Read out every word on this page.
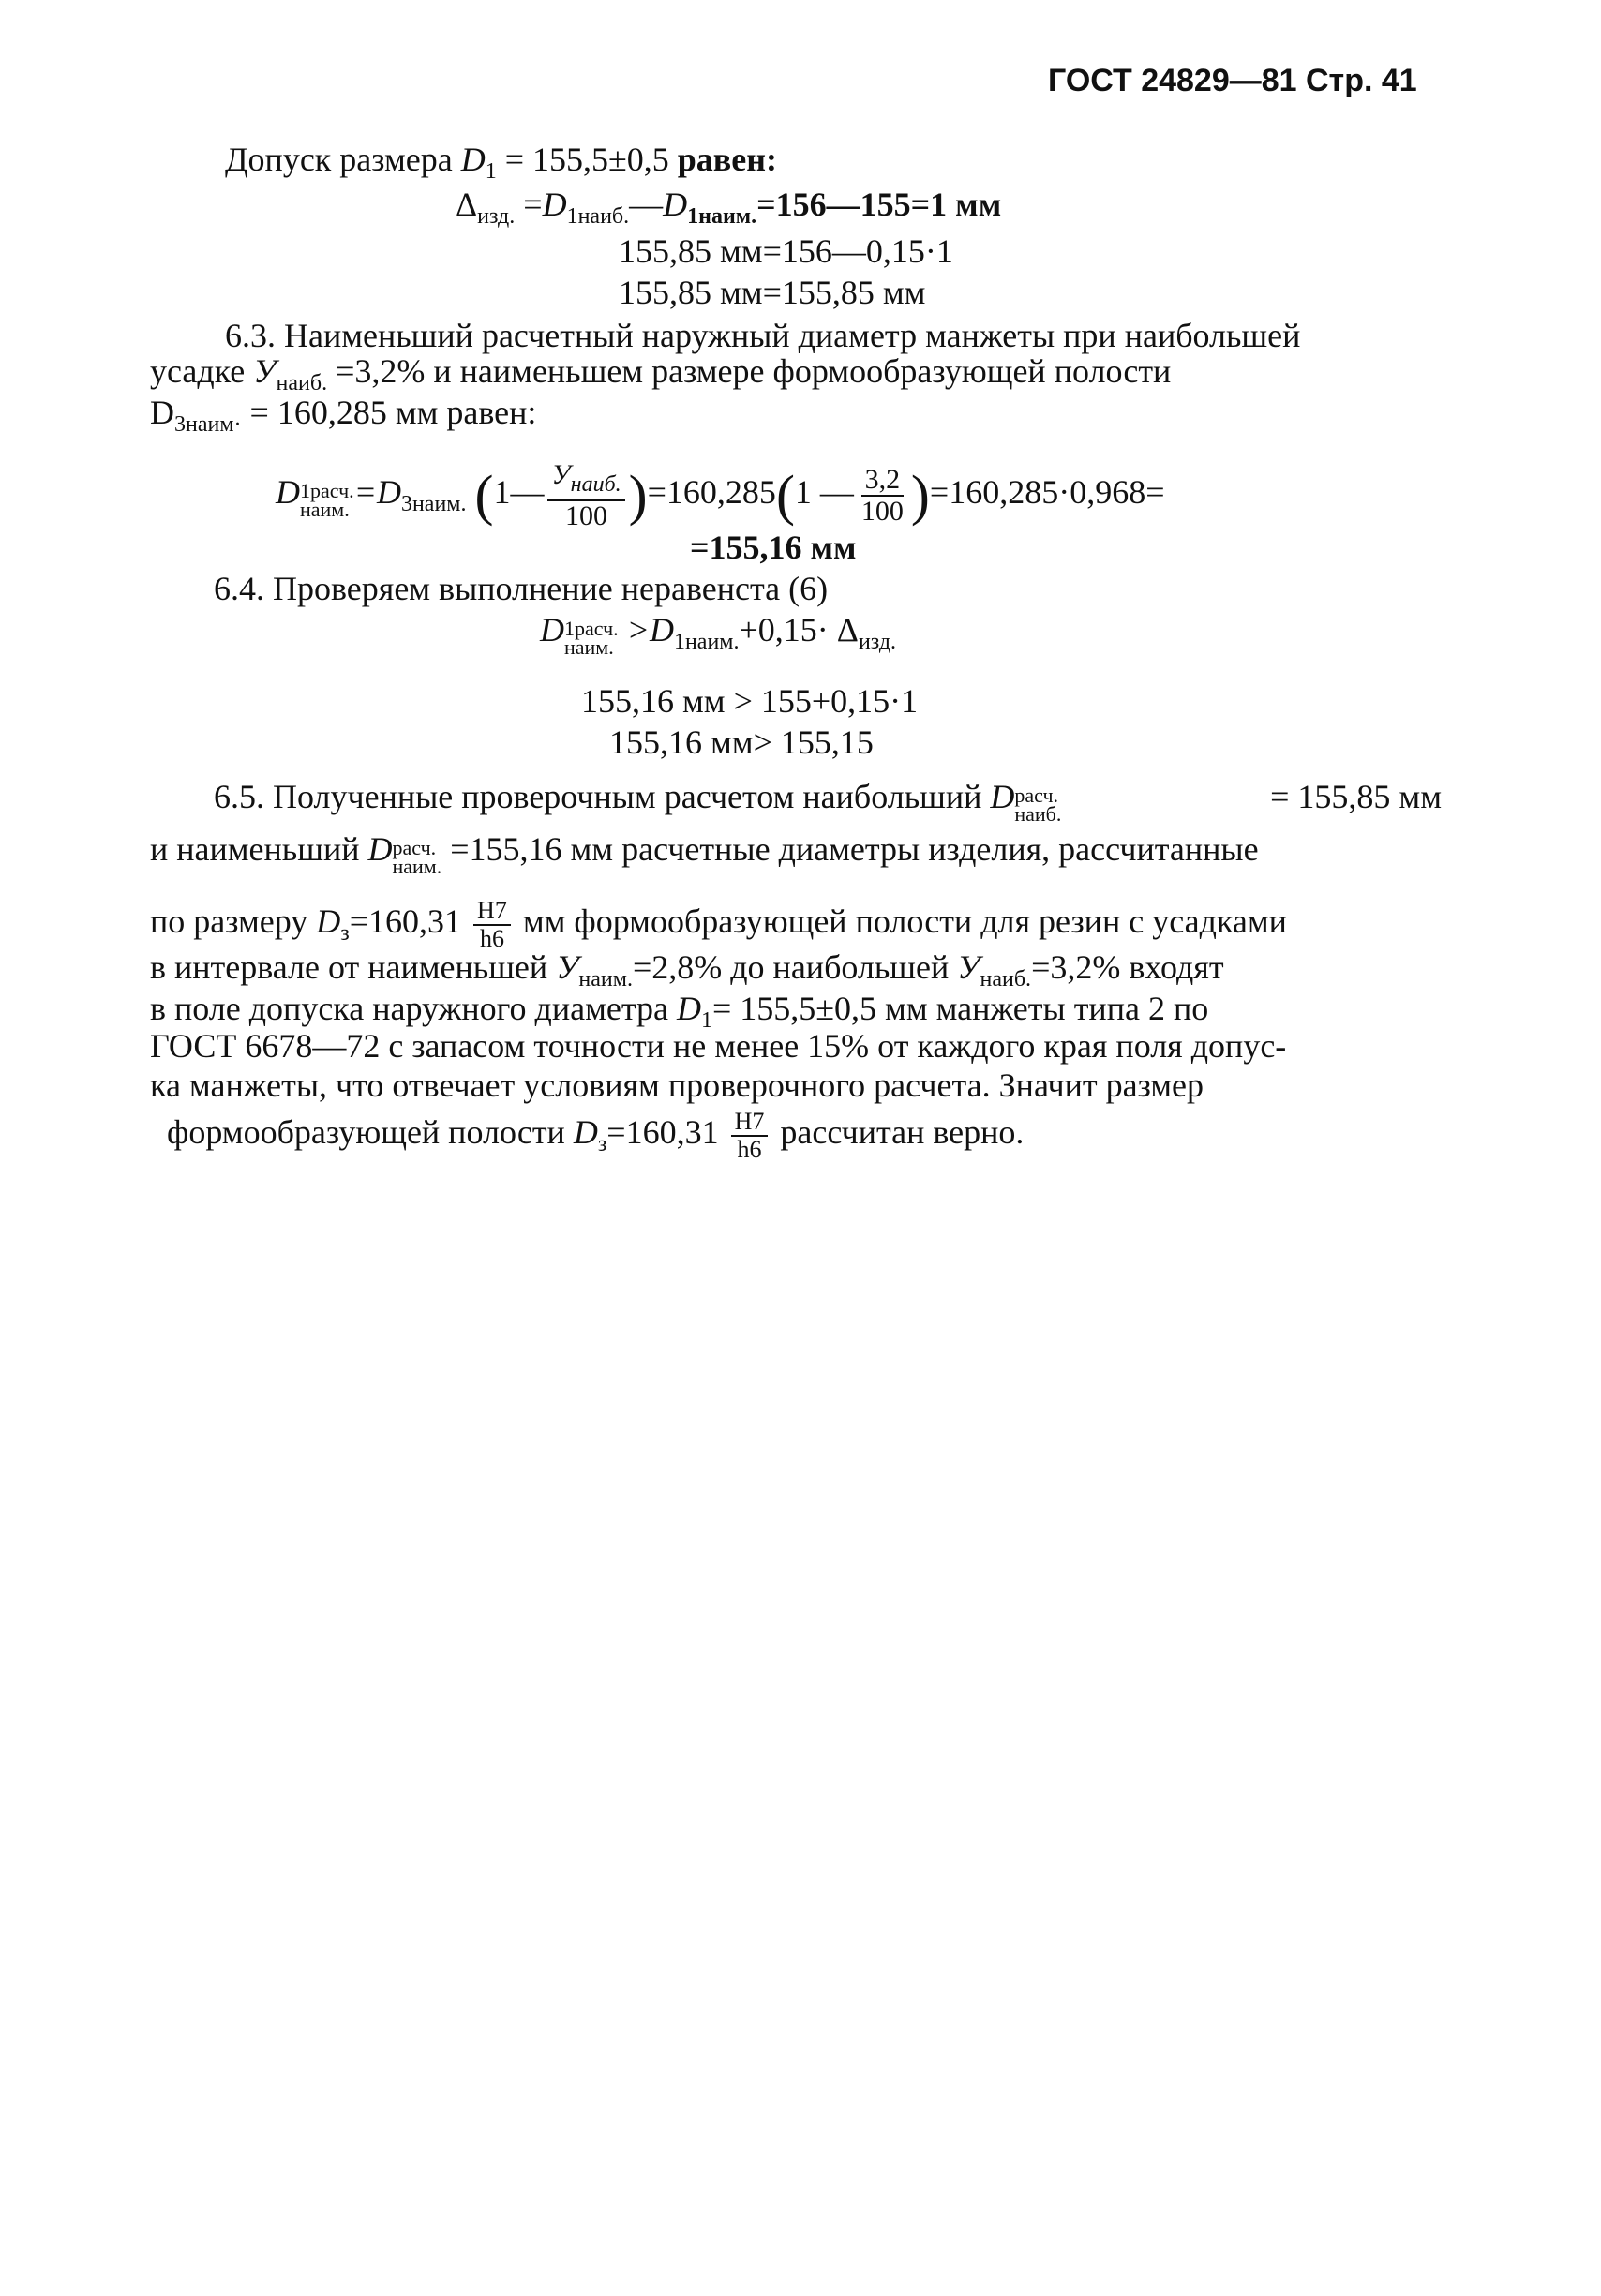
ГОСТ 24829—81 Стр. 41
Допуск размера $D_1 = 155,5\pm 0,5$ равен:
$\Delta_{изд.}$ $=D_{1наиб.}—D_{1наим.}=156—155=1$ мм
155,85 мм=156—0,15·1
155,85 мм=155,85 мм
6.3. Наименьший расчетный наружный диаметр манжеты при наибольшей
усадке $У_{наиб.} =3,2\%$ и наименьшем размере формообразующей полости
$D_{3наим\cdot} = 160,285$ мм равен:
D1расч.
наим. $=D_{3наим.}$ (1— $\frac{У_{наиб.}}{100} )=160,285(1$ — $\frac{3,2}{100} )=160,285\cdot 0,968=$
=155,16 мм
6.4. Проверяем выполнение неравенста (6)
D1расч.
наим. $>D_{1наим.}+0,15\cdot \Delta_{изд.}$
155,16 мм > 155+0,15·1
155,16 мм> 155,15
6.5. Полученные проверочным расчетом наибольший Dрасч.
наиб.	= 155,85 мм
и наименьший Dрасч.
наим. =155,16 мм расчетные диаметры изделия, рассчитанные
по размеру $D_з=160,31 \frac{H7}{h6}$ мм формообразующей полости для резин с усадками
в интервале от наименьшей $У_{наим.}=2,8\%$ до наибольшей $У_{наиб.}=3,2\%$ входят
в поле допуска наружного диаметра $D_1= 155,5\pm 0,5$ мм манжеты типа 2 по
ГОСТ 6678—72 с запасом точности не менее 15% от каждого края поля допус-
ка манжеты, что отвечает условиям проверочного расчета. Значит размер
формообразующей полости $D_з=160,31 \frac{H7}{h6}$ рассчитан верно.
